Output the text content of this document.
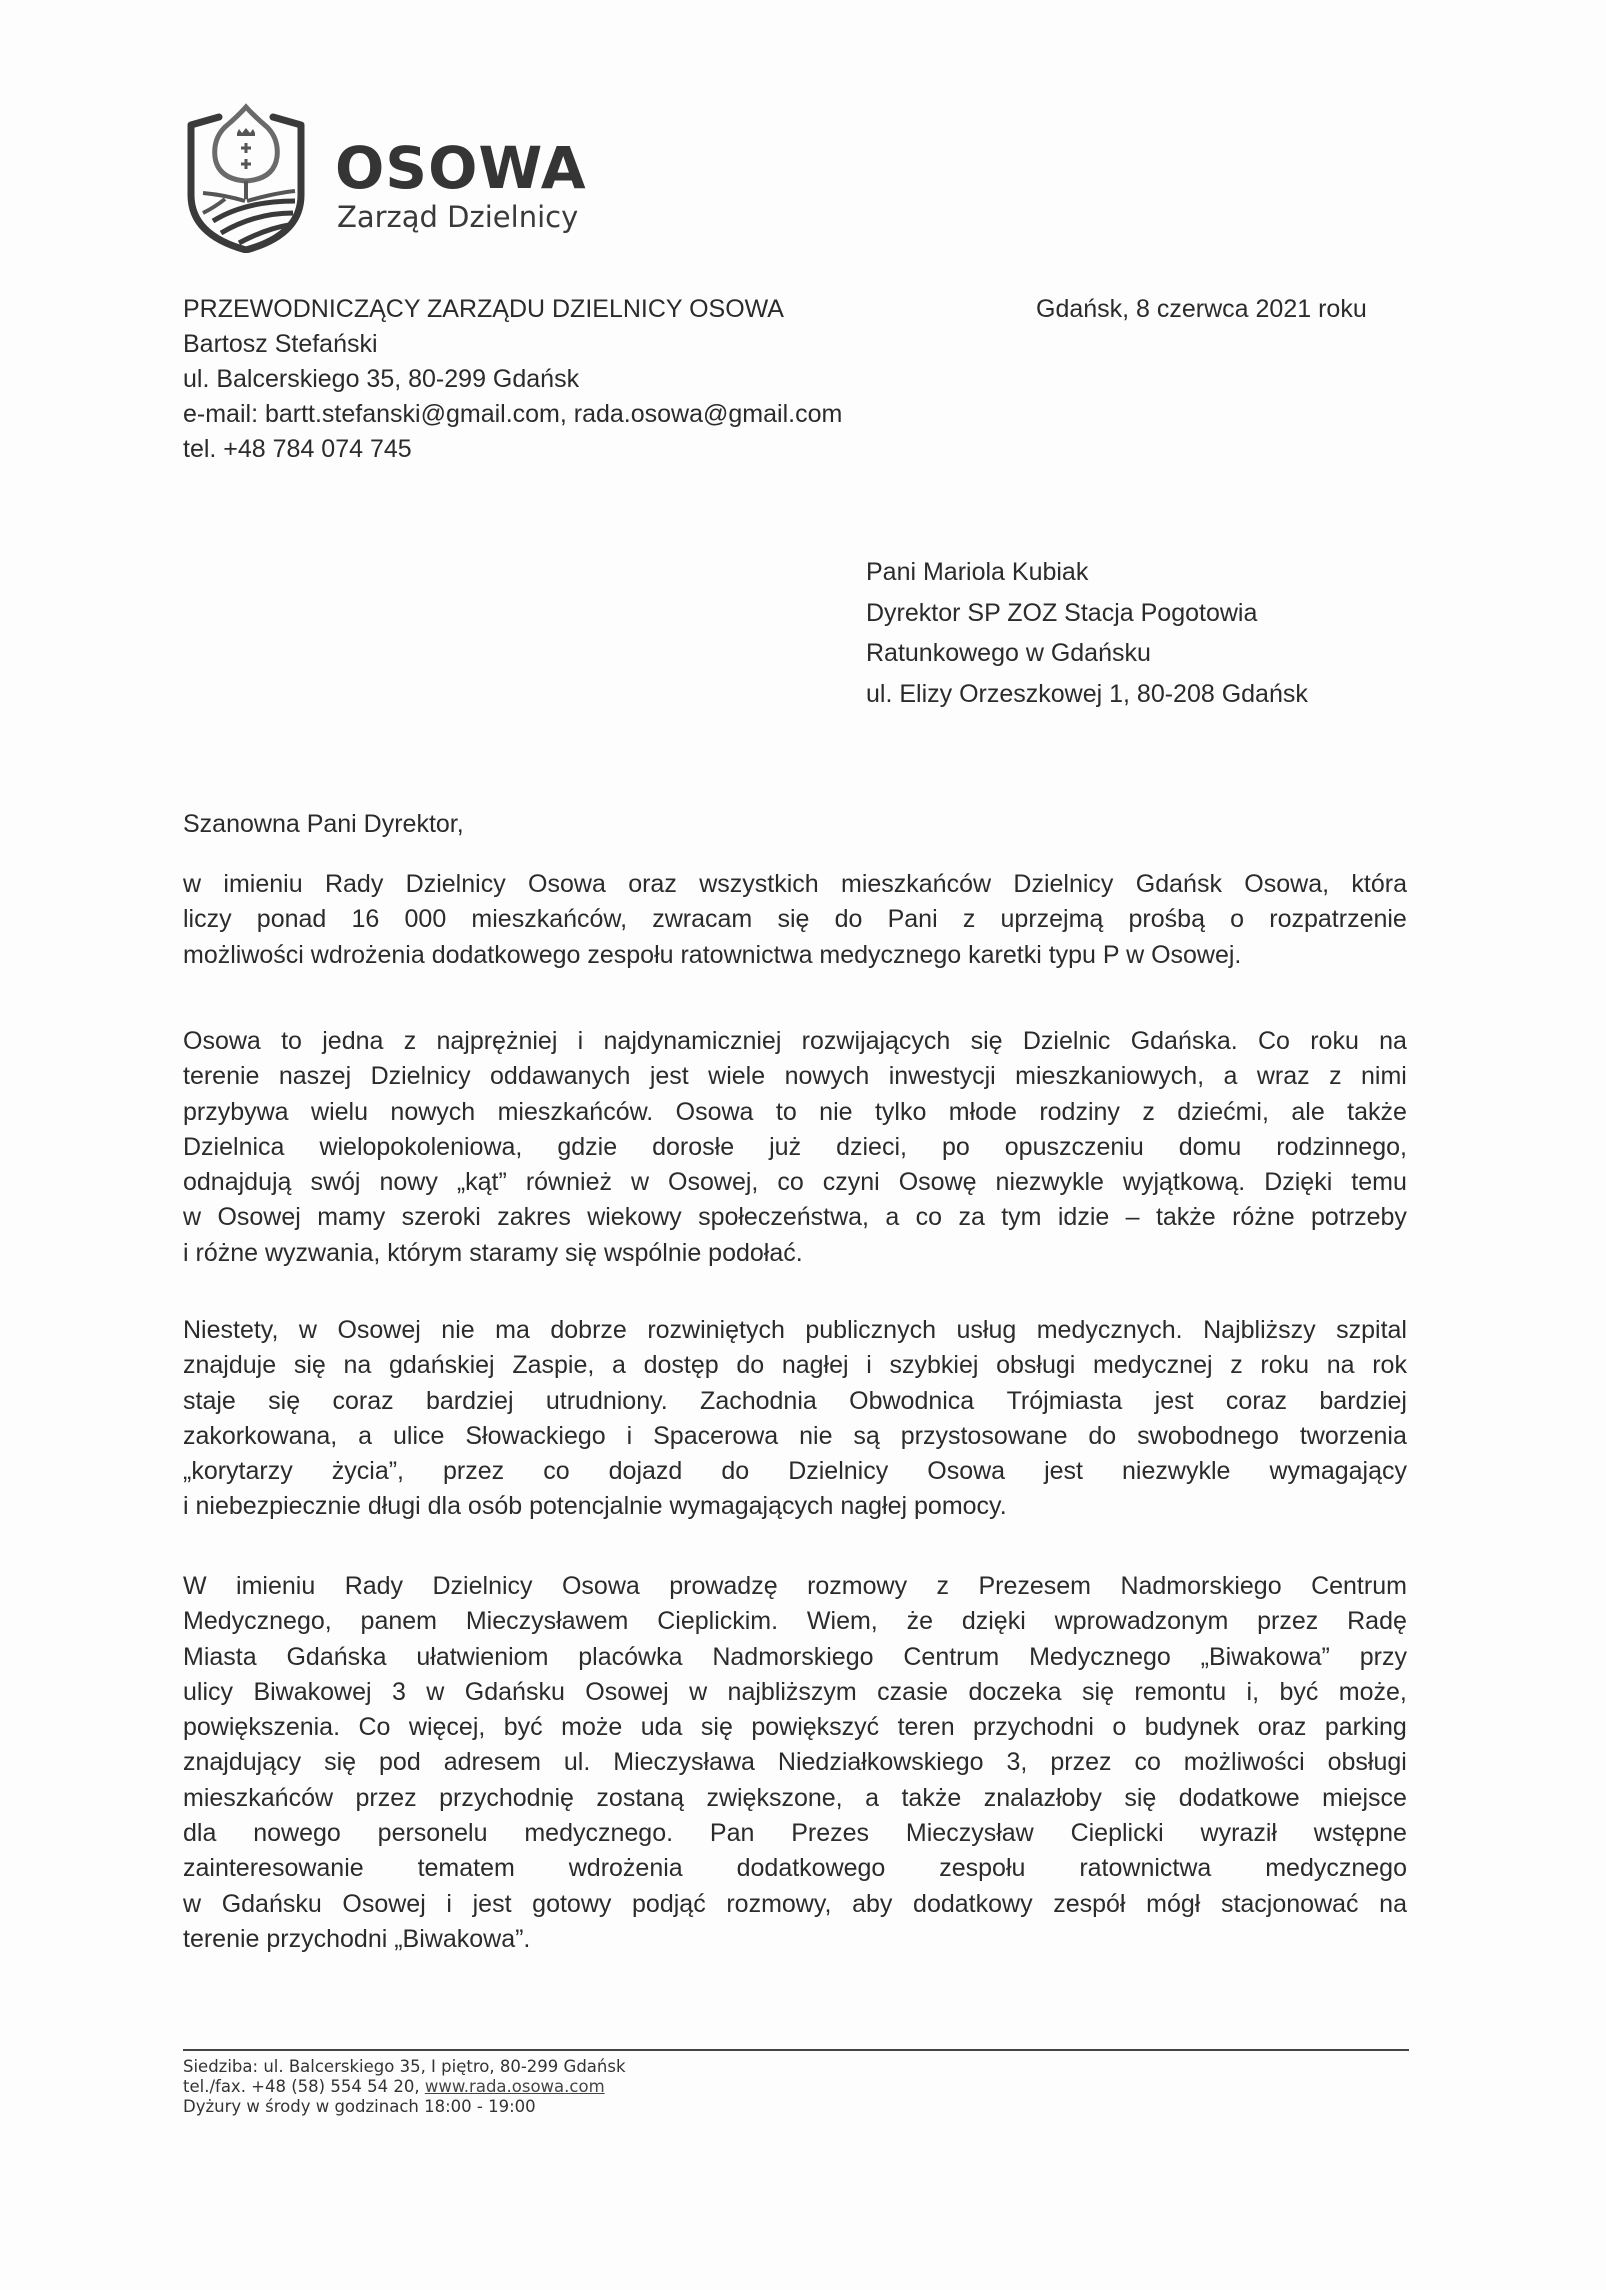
OSOWA
Zarząd Dzielnicy
PRZEWODNICZĄCY ZARZĄDU DZIELNICY OSOWA
Bartosz Stefański
ul. Balcerskiego 35, 80-299 Gdańsk
e-mail: bartt.stefanski@gmail.com, rada.osowa@gmail.com
tel. +48 784 074 745
Gdańsk, 8 czerwca 2021 roku
Pani Mariola Kubiak
Dyrektor SP ZOZ Stacja Pogotowia
Ratunkowego w Gdańsku
ul. Elizy Orzeszkowej 1, 80-208 Gdańsk
Szanowna Pani Dyrektor,
w imieniu Rady Dzielnicy Osowa oraz wszystkich mieszkańców Dzielnicy Gdańsk Osowa, która
liczy ponad 16 000 mieszkańców, zwracam się do Pani z uprzejmą prośbą o rozpatrzenie
możliwości wdrożenia dodatkowego zespołu ratownictwa medycznego karetki typu P w Osowej.
Osowa to jedna z najprężniej i najdynamiczniej rozwijających się Dzielnic Gdańska. Co roku na
terenie naszej Dzielnicy oddawanych jest wiele nowych inwestycji mieszkaniowych, a wraz z nimi
przybywa wielu nowych mieszkańców. Osowa to nie tylko młode rodziny z dziećmi, ale także
Dzielnica wielopokoleniowa, gdzie dorosłe już dzieci, po opuszczeniu domu rodzinnego,
odnajdują swój nowy „kąt” również w Osowej, co czyni Osowę niezwykle wyjątkową. Dzięki temu
w Osowej mamy szeroki zakres wiekowy społeczeństwa, a co za tym idzie – także różne potrzeby
i różne wyzwania, którym staramy się wspólnie podołać.
Niestety, w Osowej nie ma dobrze rozwiniętych publicznych usług medycznych. Najbliższy szpital
znajduje się na gdańskiej Zaspie, a dostęp do nagłej i szybkiej obsługi medycznej z roku na rok
staje się coraz bardziej utrudniony. Zachodnia Obwodnica Trójmiasta jest coraz bardziej
zakorkowana, a ulice Słowackiego i Spacerowa nie są przystosowane do swobodnego tworzenia
„korytarzy życia”, przez co dojazd do Dzielnicy Osowa jest niezwykle wymagający
i niebezpiecznie długi dla osób potencjalnie wymagających nagłej pomocy.
W imieniu Rady Dzielnicy Osowa prowadzę rozmowy z Prezesem Nadmorskiego Centrum
Medycznego, panem Mieczysławem Cieplickim. Wiem, że dzięki wprowadzonym przez Radę
Miasta Gdańska ułatwieniom placówka Nadmorskiego Centrum Medycznego „Biwakowa” przy
ulicy Biwakowej 3 w Gdańsku Osowej w najbliższym czasie doczeka się remontu i, być może,
powiększenia. Co więcej, być może uda się powiększyć teren przychodni o budynek oraz parking
znajdujący się pod adresem ul. Mieczysława Niedziałkowskiego 3, przez co możliwości obsługi
mieszkańców przez przychodnię zostaną zwiększone, a także znalazłoby się dodatkowe miejsce
dla nowego personelu medycznego. Pan Prezes Mieczysław Cieplicki wyraził wstępne
zainteresowanie tematem wdrożenia dodatkowego zespołu ratownictwa medycznego
w Gdańsku Osowej i jest gotowy podjąć rozmowy, aby dodatkowy zespół mógł stacjonować na
terenie przychodni „Biwakowa”.
Siedziba: ul. Balcerskiego 35, I piętro, 80-299 Gdańsk
tel./fax. +48 (58) 554 54 20, www.rada.osowa.com
Dyżury w środy w godzinach 18:00 - 19:00
